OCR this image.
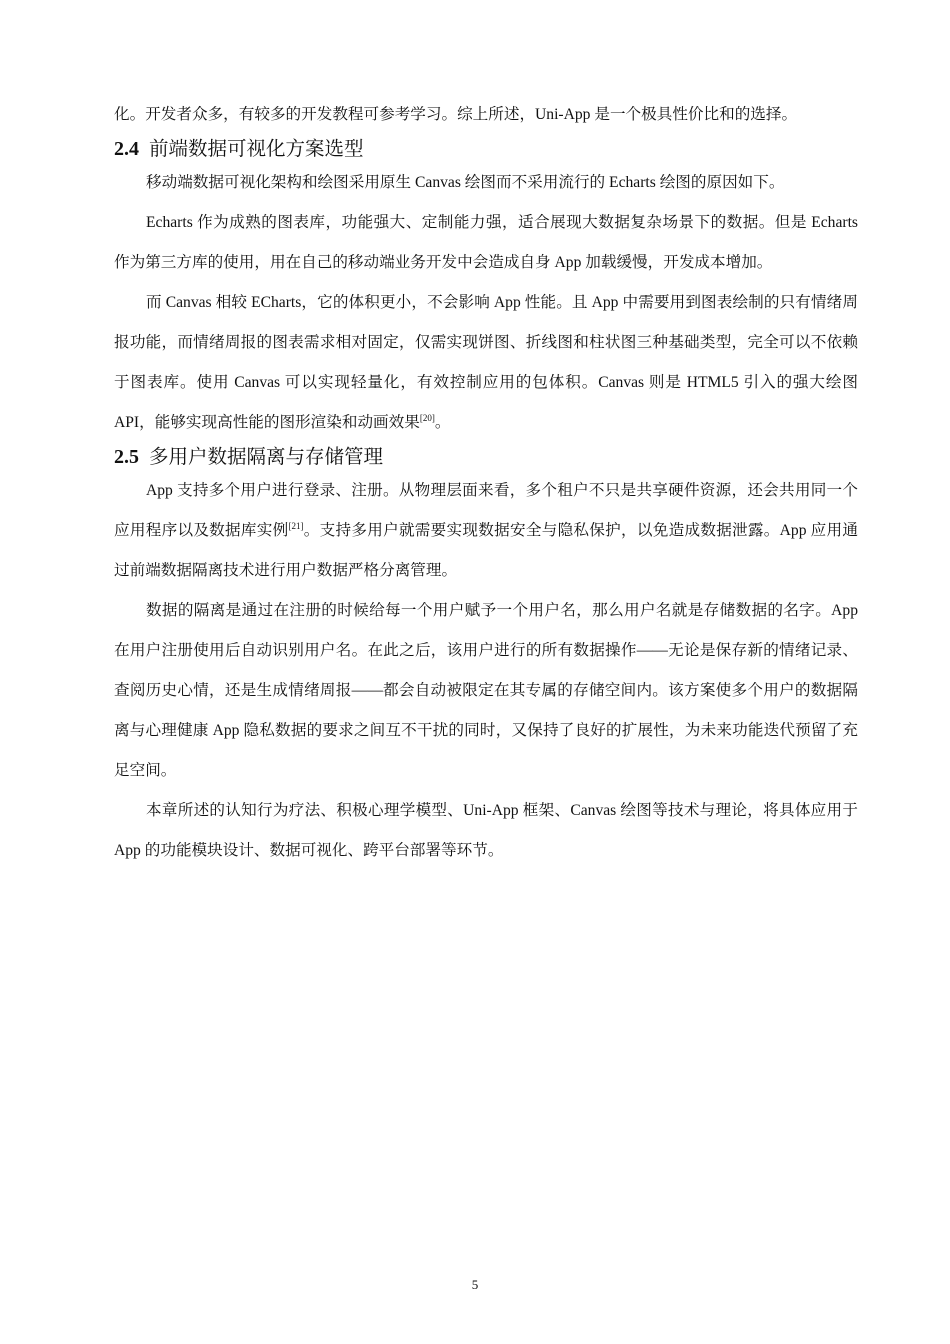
化。开发者众多，有较多的开发教程可参考学习。综上所述，Uni-App 是一个极具性价比和的选择。

2.4 前端数据可视化方案选型

移动端数据可视化架构和绘图采用原生 Canvas 绘图而不采用流行的 Echarts 绘图的原因如下。

Echarts 作为成熟的图表库，功能强大、定制能力强，适合展现大数据复杂场景下的数据。但是 Echarts 作为第三方库的使用，用在自己的移动端业务开发中会造成自身 App 加载缓慢，开发成本增加。

而 Canvas 相较 ECharts，它的体积更小，不会影响 App 性能。且 App 中需要用到图表绘制的只有情绪周报功能，而情绪周报的图表需求相对固定，仅需实现饼图、折线图和柱状图三种基础类型，完全可以不依赖于图表库。使用 Canvas 可以实现轻量化，有效控制应用的包体积。Canvas 则是 HTML5 引入的强大绘图 API，能够实现高性能的图形渲染和动画效果[20]。

2.5 多用户数据隔离与存储管理

App 支持多个用户进行登录、注册。从物理层面来看，多个租户不只是共享硬件资源，还会共用同一个应用程序以及数据库实例[21]。支持多用户就需要实现数据安全与隐私保护，以免造成数据泄露。App 应用通过前端数据隔离技术进行用户数据严格分离管理。

数据的隔离是通过在注册的时候给每一个用户赋予一个用户名，那么用户名就是存储数据的名字。App 在用户注册使用后自动识别用户名。在此之后，该用户进行的所有数据操作——无论是保存新的情绪记录、查阅历史心情，还是生成情绪周报——都会自动被限定在其专属的存储空间内。该方案使多个用户的数据隔离与心理健康 App 隐私数据的要求之间互不干扰的同时，又保持了良好的扩展性，为未来功能迭代预留了充足空间。

本章所述的认知行为疗法、积极心理学模型、Uni-App 框架、Canvas 绘图等技术与理论，将具体应用于 App 的功能模块设计、数据可视化、跨平台部署等环节。

5
